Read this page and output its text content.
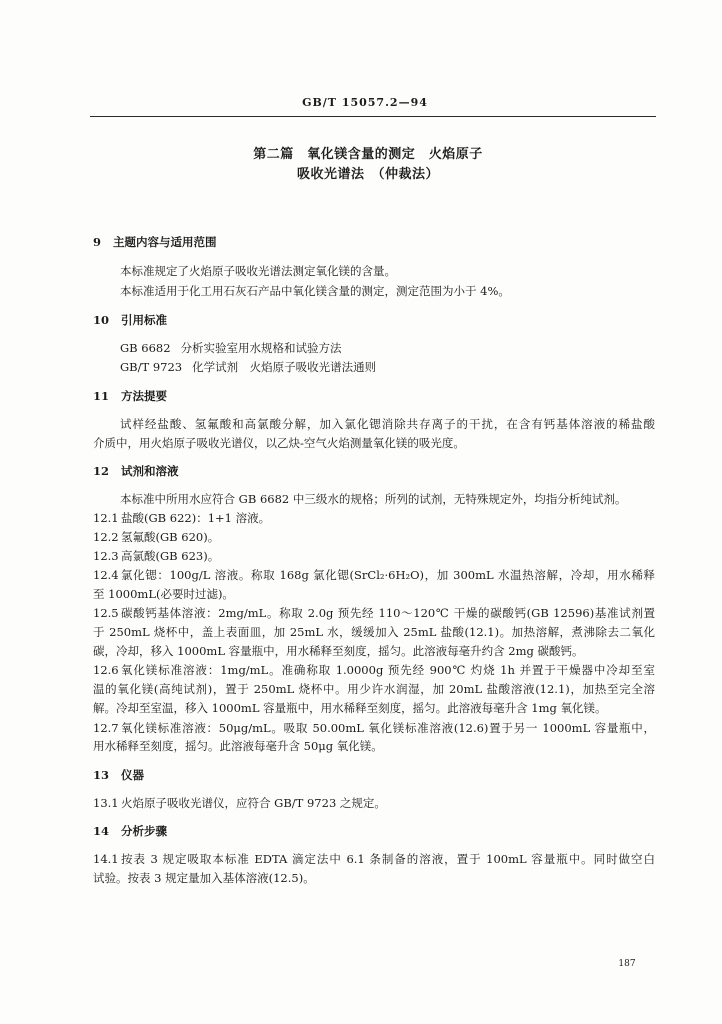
GB/T 15057.2—94
第二篇　氧化镁含量的测定　火焰原子
吸收光谱法　（仲裁法）
9 主题内容与适用范围
本标准规定了火焰原子吸收光谱法测定氧化镁的含量。
本标准适用于化工用石灰石产品中氧化镁含量的测定，测定范围为小于 4%。
10 引用标准
GB 6682 分析实验室用水规格和试验方法
GB/T 9723 化学试剂　火焰原子吸收光谱法通则
11 方法提要
试样经盐酸、氢氟酸和高氯酸分解，加入氯化锶消除共存离子的干扰，在含有钙基体溶液的稀盐酸
介质中，用火焰原子吸收光谱仪，以乙炔-空气火焰测量氧化镁的吸光度。
12 试剂和溶液
本标准中所用水应符合 GB 6682 中三级水的规格；所列的试剂，无特殊规定外，均指分析纯试剂。
12.1 盐酸(GB 622)：1+1 溶液。
12.2 氢氟酸(GB 620)。
12.3 高氯酸(GB 623)。
12.4 氯化锶：100g/L 溶液。称取 168g 氯化锶(SrCl₂·6H₂O)，加 300mL 水温热溶解，冷却，用水稀释
至 1000mL(必要时过滤)。
12.5 碳酸钙基体溶液：2mg/mL。称取 2.0g 预先经 110～120℃ 干燥的碳酸钙(GB 12596)基准试剂置
于 250mL 烧杯中，盖上表面皿，加 25mL 水，缓缓加入 25mL 盐酸(12.1)。加热溶解，煮沸除去二氧化
碳，冷却，移入 1000mL 容量瓶中，用水稀释至刻度，摇匀。此溶液每毫升约含 2mg 碳酸钙。
12.6 氧化镁标准溶液：1mg/mL。准确称取 1.0000g 预先经 900℃ 灼烧 1h 并置于干燥器中冷却至室
温的氧化镁(高纯试剂)，置于 250mL 烧杯中。用少许水润湿，加 20mL 盐酸溶液(12.1)，加热至完全溶
解。冷却至室温，移入 1000mL 容量瓶中，用水稀释至刻度，摇匀。此溶液每毫升含 1mg 氧化镁。
12.7 氧化镁标准溶液：50μg/mL。吸取 50.00mL 氧化镁标准溶液(12.6)置于另一 1000mL 容量瓶中，
用水稀释至刻度，摇匀。此溶液每毫升含 50μg 氧化镁。
13 仪器
13.1 火焰原子吸收光谱仪，应符合 GB/T 9723 之规定。
14 分析步骤
14.1 按表 3 规定吸取本标准 EDTA 滴定法中 6.1 条制备的溶液，置于 100mL 容量瓶中。同时做空白
试验。按表 3 规定量加入基体溶液(12.5)。
187
